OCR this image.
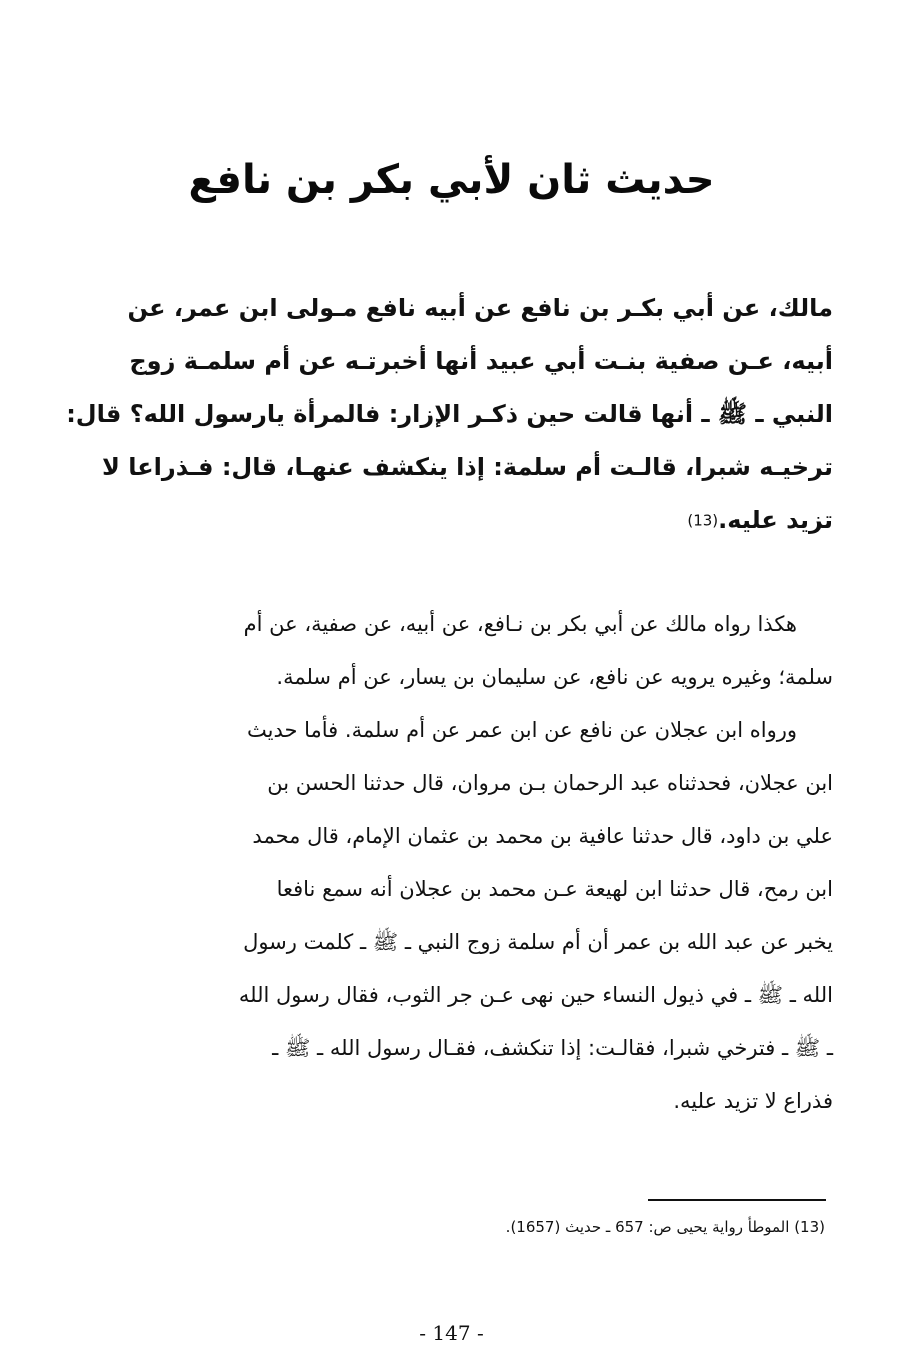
حديث ثان لأبي بكر بن نافع
مالك، عن أبي بكـر بن نافع عن أبيه نافع مـولى ابن عمر، عن
أبيه، عـن صفية بنـت أبي عبيد أنها أخبرتـه عن أم سلمـة زوج
النبي ـ ﷺ ـ أنها قالت حين ذكـر الإزار: فالمرأة يارسول الله؟ قال:
ترخيـه شبرا، قالـت أم سلمة: إذا ينكشف عنهـا، قال: فـذراعا لا
تزيد عليه.(13)
هكذا رواه مالك عن أبي بكر بن نـافع، عن أبيه، عن صفية، عن أم
سلمة؛ وغيره يرويه عن نافع، عن سليمان بن يسار، عن أم سلمة.
ورواه ابن عجلان عن نافع عن ابن عمر عن أم سلمة. فأما حديث
ابن عجلان، فحدثناه عبد الرحمان بـن مروان، قال حدثنا الحسن بن
علي بن داود، قال حدثنا عافية بن محمد بن عثمان الإمام، قال محمد
ابن رمح، قال حدثنا ابن لهيعة عـن محمد بن عجلان أنه سمع نافعا
يخبر عن عبد الله بن عمر أن أم سلمة زوج النبي ـ ﷺ ـ كلمت رسول
الله ـ ﷺ ـ في ذيول النساء حين نهى عـن جر الثوب، فقال رسول الله
ـ ﷺ ـ فترخي شبرا، فقالـت: إذا تنكشف، فقـال رسول الله ـ ﷺ ـ
فذراع لا تزيد عليه.
(13) الموطأ رواية يحيى ص: 657 ـ حديث (1657).
- 147 -
